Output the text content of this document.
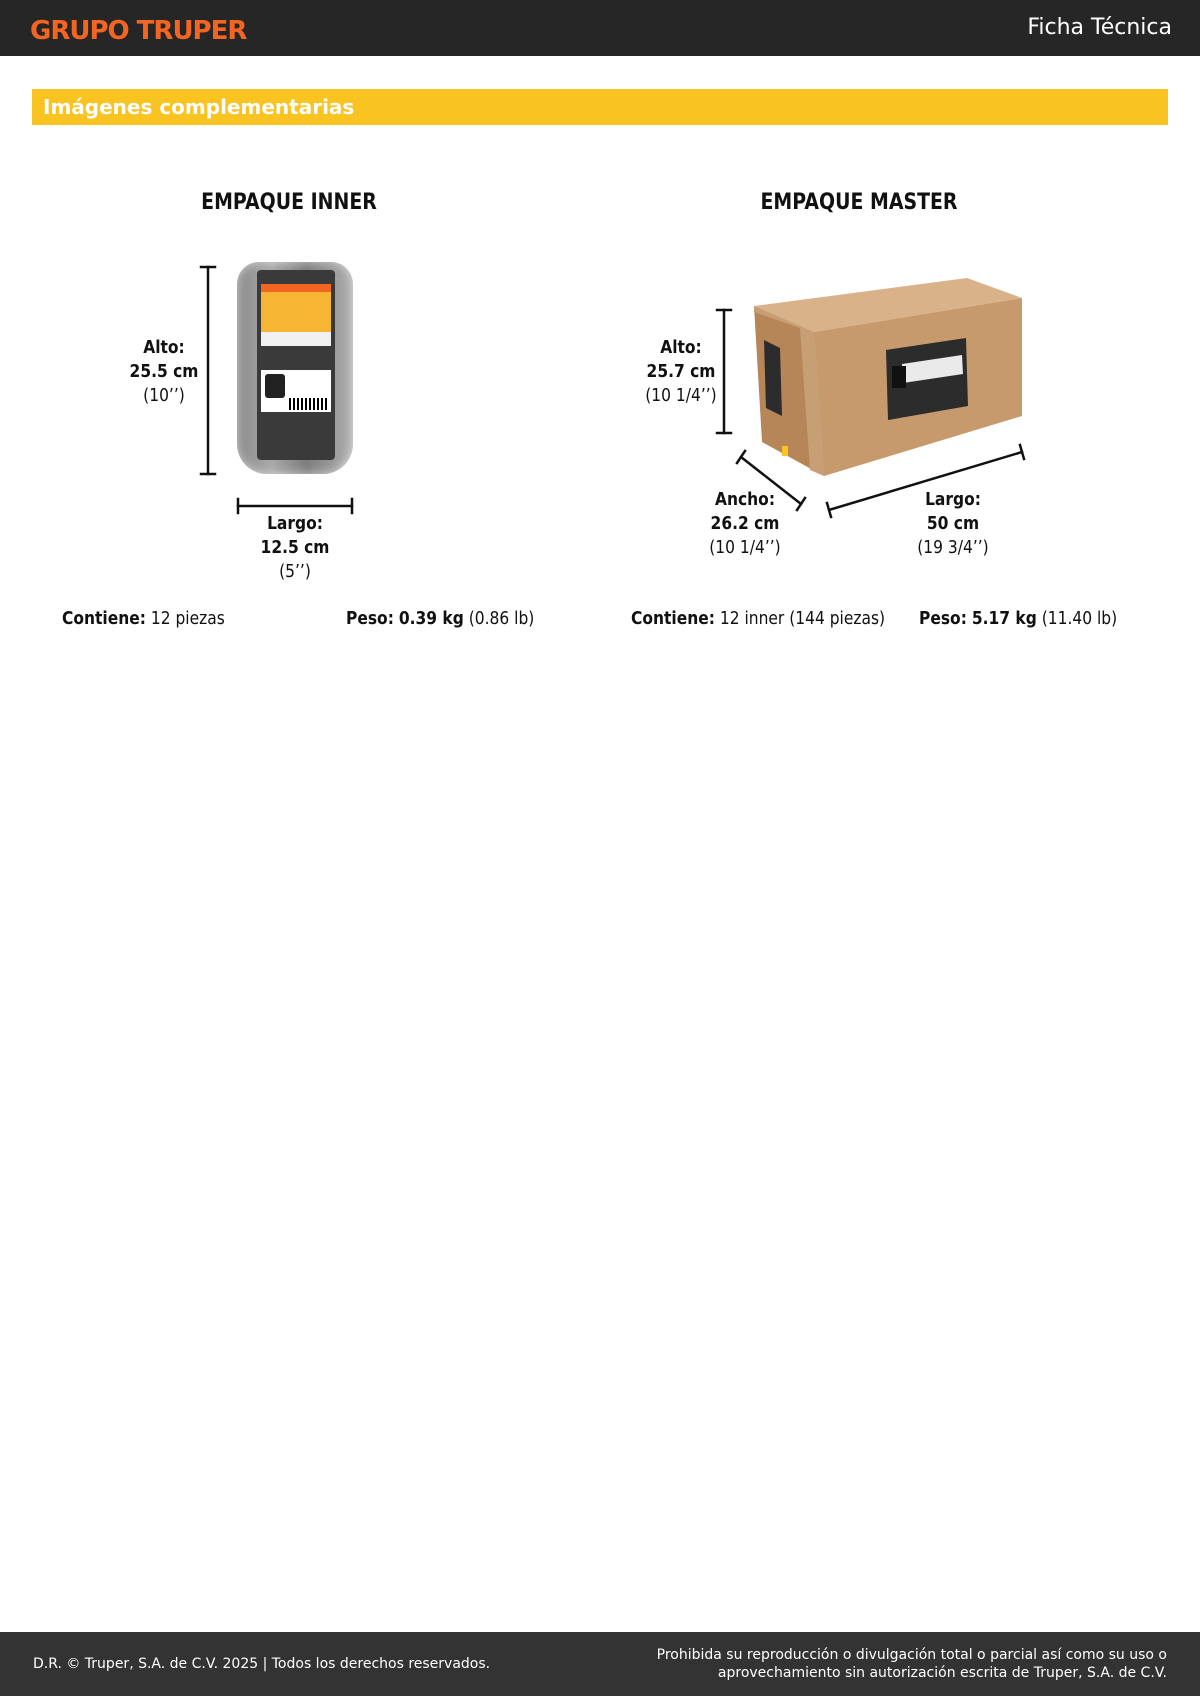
GRUPO TRUPER	Ficha Técnica
Imágenes complementarias
EMPAQUE INNER	EMPAQUE MASTER
Alto:
25.5 cm
(10’’)
Largo:
12.5 cm
(5’’)
Alto:
25.7 cm
(10 1/4’’)
Ancho:
26.2 cm
(10 1/4’’)
Largo:
50 cm
(19 3/4’’)
Contiene: 12 piezas	Peso: 0.39 kg (0.86 lb)	Contiene: 12 inner (144 piezas) Peso: 5.17 kg (11.40 lb)
D.R. © Truper, S.A. de C.V. 2025 | Todos los derechos reservados.
Prohibida su reproducción o divulgación total o parcial así como su uso o
aprovechamiento sin autorización escrita de Truper, S.A. de C.V.
